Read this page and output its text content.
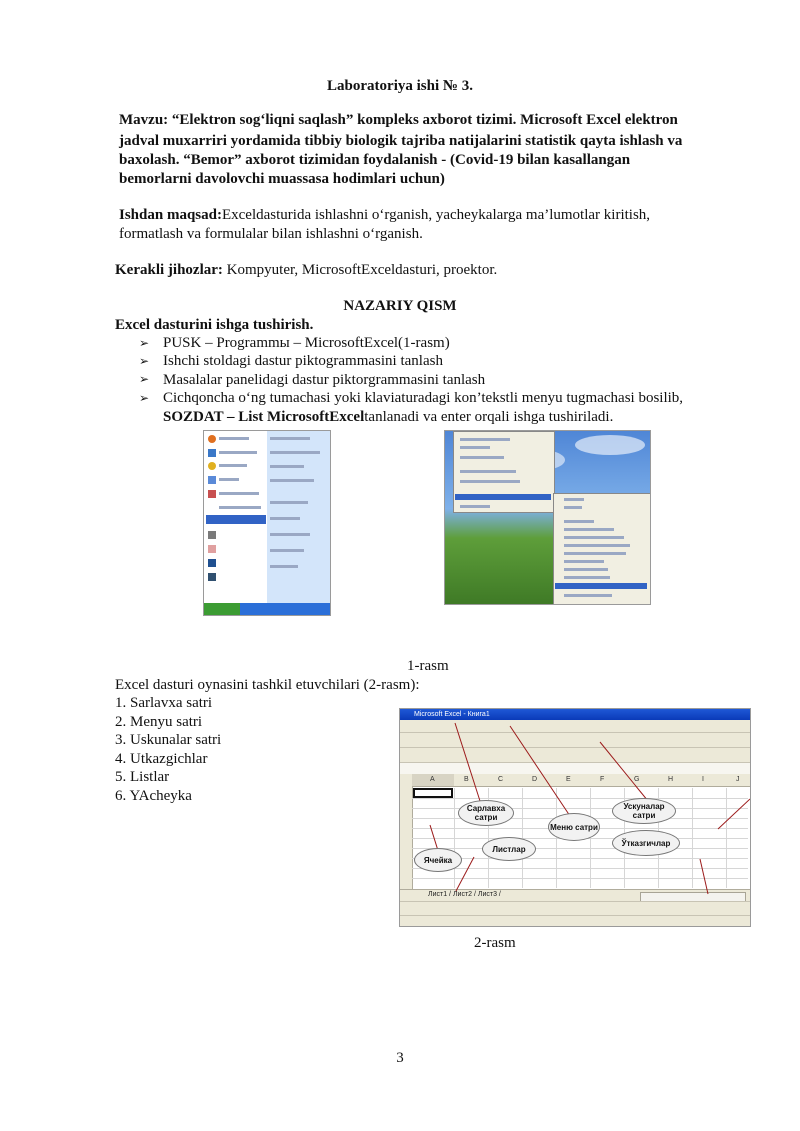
Laboratoriya ishi № 3.
Mavzu: “Elektron sog‘liqni saqlash” kompleks axborot tizimi. Microsoft Excel elektron
jadval muxarriri yordamida tibbiy biologik tajriba natijalarini statistik qayta ishlash va
baxolash. “Bemor” axborot tizimidan foydalanish - (Covid-19 bilan kasallangan
bemorlarni davolovchi muassasa hodimlari uchun)
Ishdan maqsad:Exceldasturida ishlashni o‘rganish, yacheykalarga ma’lumotlar kiritish,
formatlash va formulalar bilan ishlashni o‘rganish.
Kerakli jihozlar: Kompyuter, MicrosoftExceldasturi, proektor.
NAZARIY QISM
Excel dasturini ishga tushirish.
➢ PUSK – Programmы – MicrosoftExcel(1-rasm)
➢ Ishchi stoldagi dastur piktogrammasini tanlash
➢ Masalalar panelidagi dastur piktorgrammasini tanlash
➢ Cichqoncha o‘ng tumachasi yoki klaviaturadagi kon’tekstli menyu tugmachasi bosilib,
SOZDAT – List MicrosoftExceltanlanadi va enter orqali ishga tushiriladi.
1-rasm
Excel dasturi oynasini tashkil etuvchilari (2-rasm):
1. Sarlavxa satri
2. Menyu satri
3. Uskunalar satri
4. Utkazgichlar
5. Listlar
6. YAcheyka
Microsoft Excel - Книга1
A	B	C	D	E	F	G	H	I	J
Лист1 / Лист2 / Лист3 /
Сарлавха сатри
Меню сатри
Ускуналар сатри
Ўтказгичлар
Листлар
Ячейка
2-rasm
3
